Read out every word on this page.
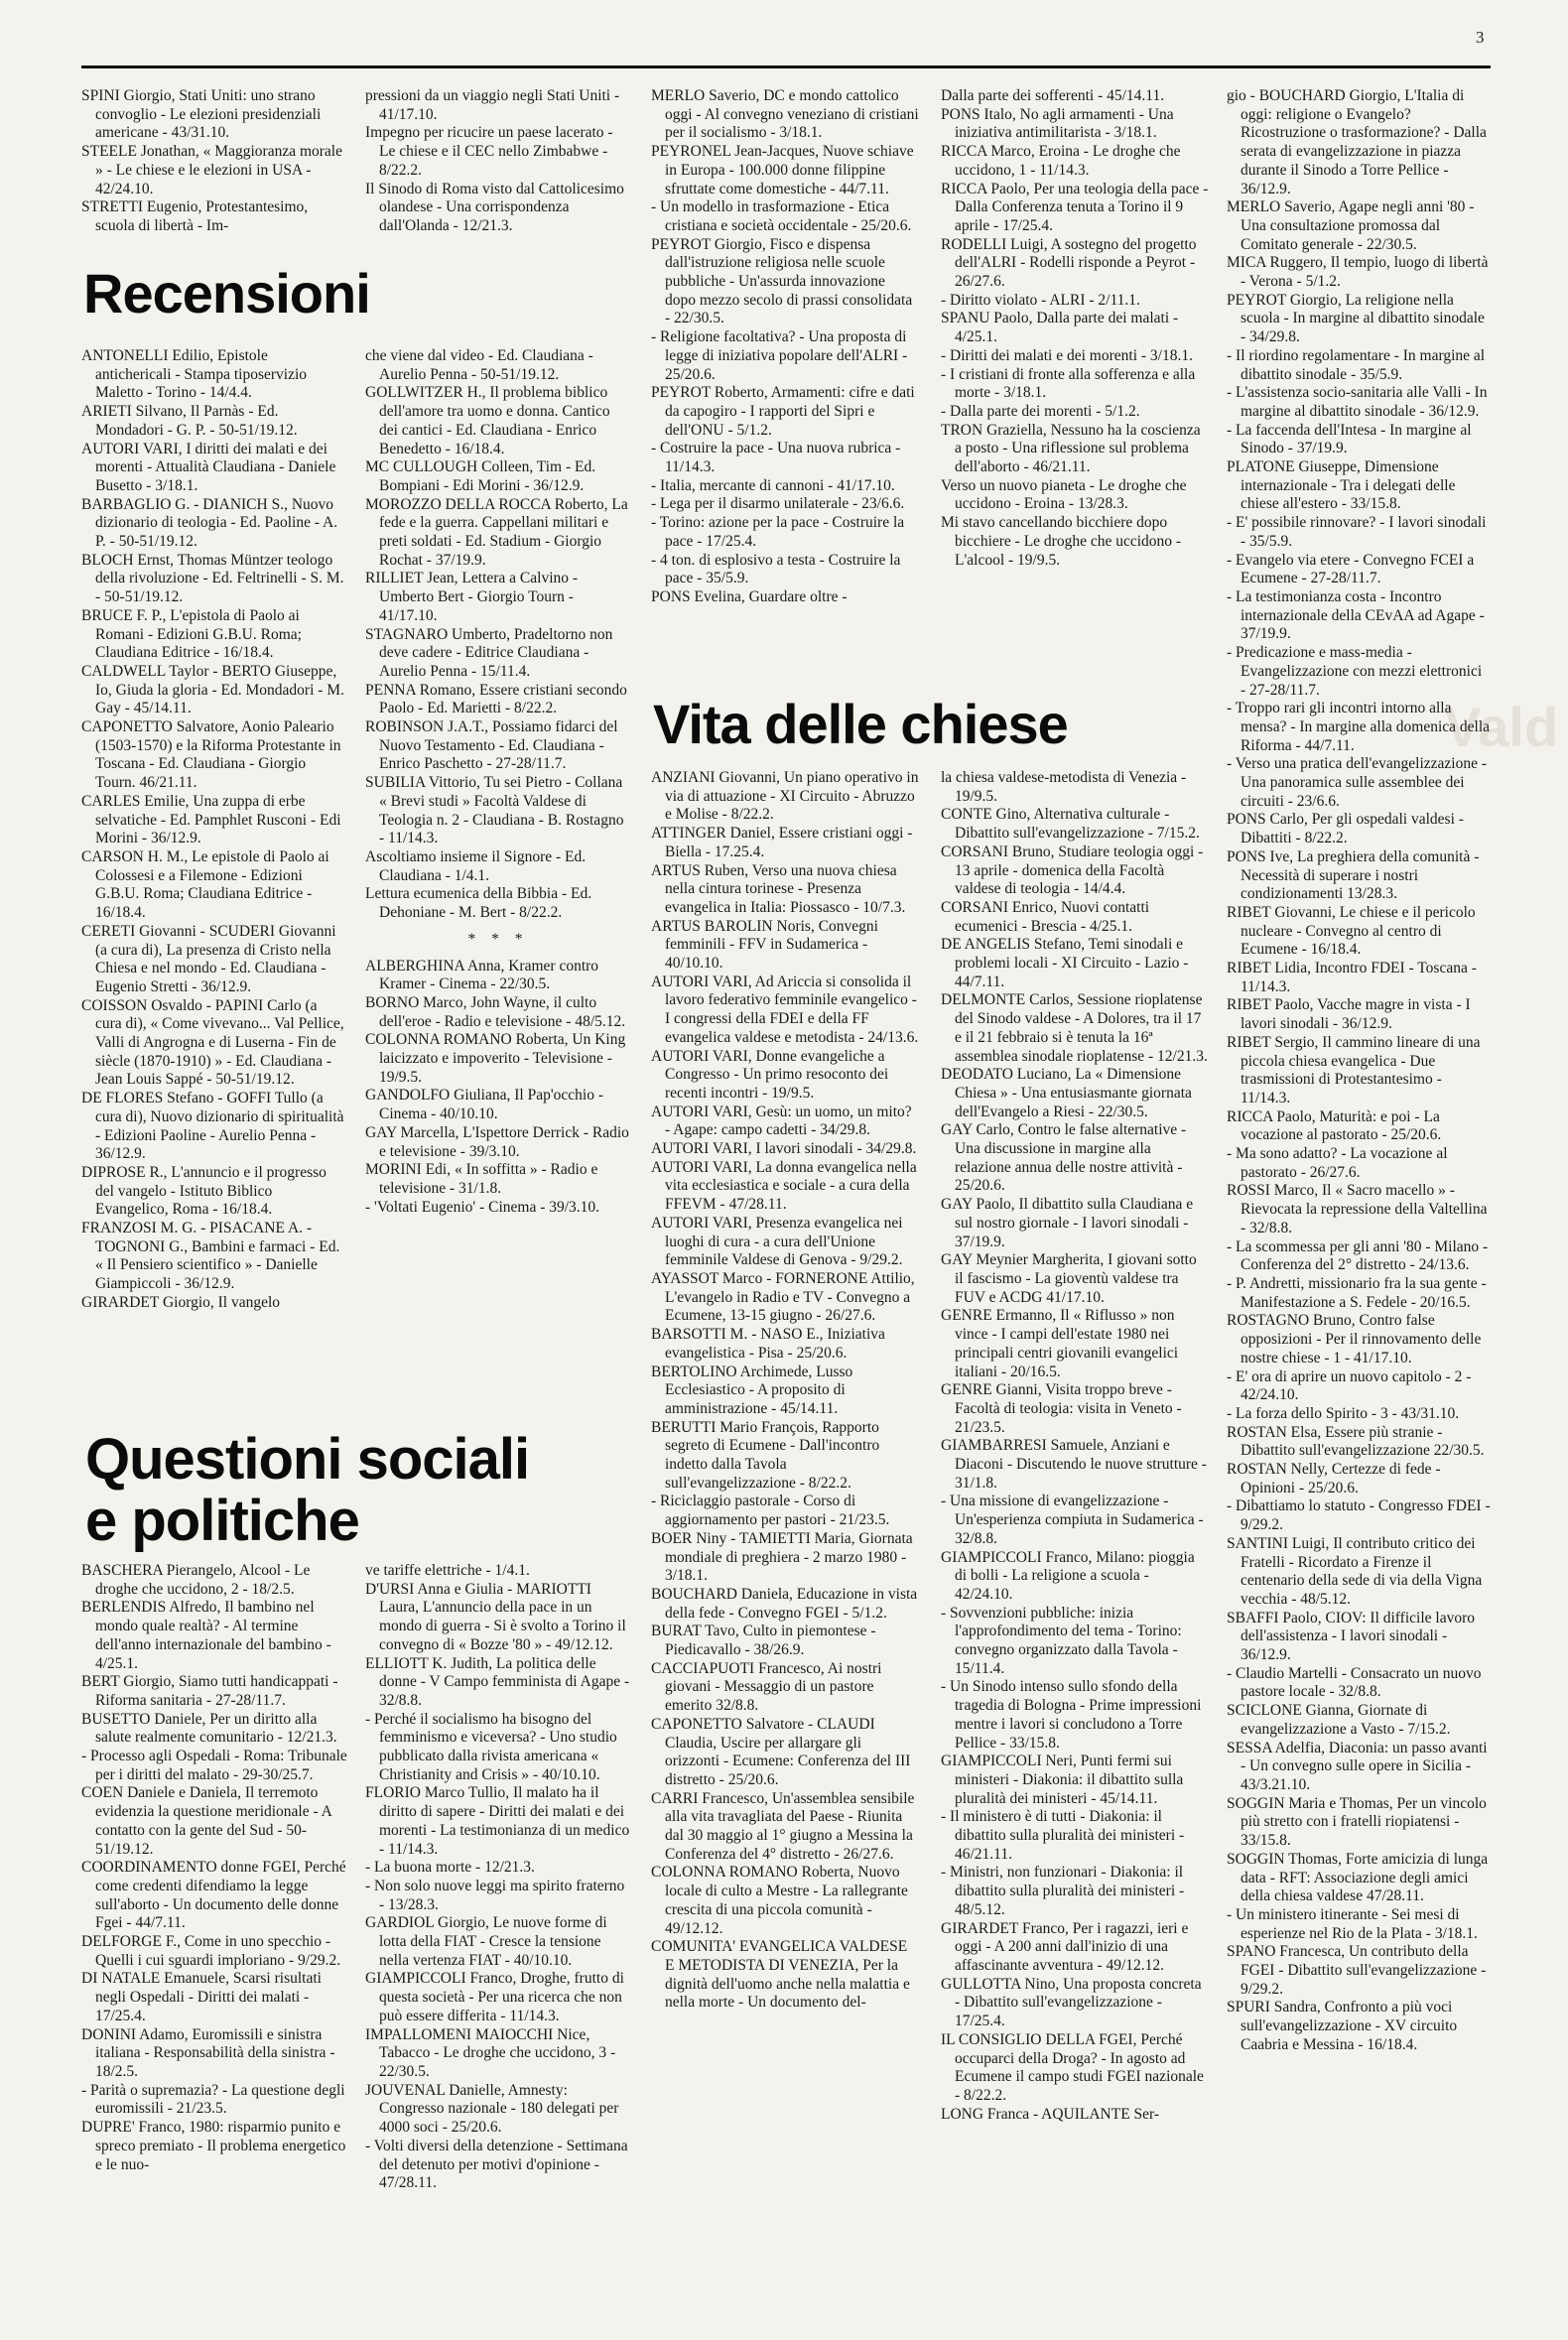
3
Vald
Recensioni
Vita delle chiese
Questioni sociali e politiche

SPINI Giorgio, Stati Uniti: uno strano convoglio - Le elezioni presidenziali americane - 43/31.10.

STEELE Jonathan, « Maggioranza morale » - Le chiese e le elezioni in USA - 42/24.10.

STRETTI Eugenio, Protestantesimo, scuola di libertà - Im-

pressioni da un viaggio negli Stati Uniti - 41/17.10.

Impegno per ricucire un paese lacerato - Le chiese e il CEC nello Zimbabwe - 8/22.2.

Il Sinodo di Roma visto dal Cattolicesimo olandese - Una corrispondenza dall'Olanda - 12/21.3.

ANTONELLI Edilio, Epistole antichericali - Stampa tiposervizio Maletto - Torino - 14/4.4.

ARIETI Silvano, Il Parnàs - Ed. Mondadori - G. P. - 50-51/19.12.

AUTORI VARI, I diritti dei malati e dei morenti - Attualità Claudiana - Daniele Busetto - 3/18.1.

BARBAGLIO G. - DIANICH S., Nuovo dizionario di teologia - Ed. Paoline - A. P. - 50-51/19.12.

BLOCH Ernst, Thomas Müntzer teologo della rivoluzione - Ed. Feltrinelli - S. M. - 50-51/19.12.

BRUCE F. P., L'epistola di Paolo ai Romani - Edizioni G.B.U. Roma; Claudiana Editrice - 16/18.4.

CALDWELL Taylor - BERTO Giuseppe, Io, Giuda la gloria - Ed. Mondadori - M. Gay - 45/14.11.

CAPONETTO Salvatore, Aonio Paleario (1503-1570) e la Riforma Protestante in Toscana - Ed. Claudiana - Giorgio Tourn. 46/21.11.

CARLES Emilie, Una zuppa di erbe selvatiche - Ed. Pamphlet Rusconi - Edi Morini - 36/12.9.

CARSON H. M., Le epistole di Paolo ai Colossesi e a Filemone - Edizioni G.B.U. Roma; Claudiana Editrice - 16/18.4.

CERETI Giovanni - SCUDERI Giovanni (a cura di), La presenza di Cristo nella Chiesa e nel mondo - Ed. Claudiana - Eugenio Stretti - 36/12.9.

COISSON Osvaldo - PAPINI Carlo (a cura di), « Come vivevano... Val Pellice, Valli di Angrogna e di Luserna - Fin de siècle (1870-1910) » - Ed. Claudiana - Jean Louis Sappé - 50-51/19.12.

DE FLORES Stefano - GOFFI Tullo (a cura di), Nuovo dizionario di spiritualità - Edizioni Paoline - Aurelio Penna - 36/12.9.

DIPROSE R., L'annuncio e il progresso del vangelo - Istituto Biblico Evangelico, Roma - 16/18.4.

FRANZOSI M. G. - PISACANE A. - TOGNONI G., Bambini e farmaci - Ed. « Il Pensiero scientifico » - Danielle Giampiccoli - 36/12.9.

GIRARDET Giorgio, Il vangelo

che viene dal video - Ed. Claudiana - Aurelio Penna - 50-51/19.12.

GOLLWITZER H., Il problema biblico dell'amore tra uomo e donna. Cantico dei cantici - Ed. Claudiana - Enrico Benedetto - 16/18.4.

MC CULLOUGH Colleen, Tim - Ed. Bompiani - Edi Morini - 36/12.9.

MOROZZO DELLA ROCCA Roberto, La fede e la guerra. Cappellani militari e preti soldati - Ed. Stadium - Giorgio Rochat - 37/19.9.

RILLIET Jean, Lettera a Calvino - Umberto Bert - Giorgio Tourn - 41/17.10.

STAGNARO Umberto, Pradeltorno non deve cadere - Editrice Claudiana - Aurelio Penna - 15/11.4.

PENNA Romano, Essere cristiani secondo Paolo - Ed. Marietti - 8/22.2.

ROBINSON J.A.T., Possiamo fidarci del Nuovo Testamento - Ed. Claudiana - Enrico Paschetto - 27-28/11.7.

SUBILIA Vittorio, Tu sei Pietro - Collana « Brevi studi » Facoltà Valdese di Teologia n. 2 - Claudiana - B. Rostagno - 11/14.3.

Ascoltiamo insieme il Signore - Ed. Claudiana - 1/4.1.

Lettura ecumenica della Bibbia - Ed. Dehoniane - M. Bert - 8/22.2.

* * *

ALBERGHINA Anna, Kramer contro Kramer - Cinema - 22/30.5.

BORNO Marco, John Wayne, il culto dell'eroe - Radio e televisione - 48/5.12.

COLONNA ROMANO Roberta, Un King laicizzato e impoverito - Televisione - 19/9.5.

GANDOLFO Giuliana, Il Pap'occhio - Cinema - 40/10.10.

GAY Marcella, L'Ispettore Derrick - Radio e televisione - 39/3.10.

MORINI Edi, « In soffitta » - Radio e televisione - 31/1.8.

- 'Voltati Eugenio' - Cinema - 39/3.10.

BASCHERA Pierangelo, Alcool - Le droghe che uccidono, 2 - 18/2.5.

BERLENDIS Alfredo, Il bambino nel mondo quale realtà? - Al termine dell'anno internazionale del bambino - 4/25.1.

BERT Giorgio, Siamo tutti handicappati - Riforma sanitaria - 27-28/11.7.

BUSETTO Daniele, Per un diritto alla salute realmente comunitario - 12/21.3.

- Processo agli Ospedali - Roma: Tribunale per i diritti del malato - 29-30/25.7.

COEN Daniele e Daniela, Il terremoto evidenzia la questione meridionale - A contatto con la gente del Sud - 50-51/19.12.

COORDINAMENTO donne FGEI, Perché come credenti difendiamo la legge sull'aborto - Un documento delle donne Fgei - 44/7.11.

DELFORGE F., Come in uno specchio - Quelli i cui sguardi imploriano - 9/29.2.

DI NATALE Emanuele, Scarsi risultati negli Ospedali - Diritti dei malati - 17/25.4.

DONINI Adamo, Euromissili e sinistra italiana - Responsabilità della sinistra - 18/2.5.

- Parità o supremazia? - La questione degli euromissili - 21/23.5.

DUPRE' Franco, 1980: risparmio punito e spreco premiato - Il problema energetico e le nuo-

ve tariffe elettriche - 1/4.1.

D'URSI Anna e Giulia - MARIOTTI Laura, L'annuncio della pace in un mondo di guerra - Si è svolto a Torino il convegno di « Bozze '80 » - 49/12.12.

ELLIOTT K. Judith, La politica delle donne - V Campo femminista di Agape - 32/8.8.

- Perché il socialismo ha bisogno del femminismo e viceversa? - Uno studio pubblicato dalla rivista americana « Christianity and Crisis » - 40/10.10.

FLORIO Marco Tullio, Il malato ha il diritto di sapere - Diritti dei malati e dei morenti - La testimonianza di un medico - 11/14.3.

- La buona morte - 12/21.3.

- Non solo nuove leggi ma spirito fraterno - 13/28.3.

GARDIOL Giorgio, Le nuove forme di lotta della FIAT - Cresce la tensione nella vertenza FIAT - 40/10.10.

GIAMPICCOLI Franco, Droghe, frutto di questa società - Per una ricerca che non può essere differita - 11/14.3.

IMPALLOMENI MAIOCCHI Nice, Tabacco - Le droghe che uccidono, 3 - 22/30.5.

JOUVENAL Danielle, Amnesty: Congresso nazionale - 180 delegati per 4000 soci - 25/20.6.

- Volti diversi della detenzione - Settimana del detenuto per motivi d'opinione - 47/28.11.

MERLO Saverio, DC e mondo cattolico oggi - Al convegno veneziano di cristiani per il socialismo - 3/18.1.

PEYRONEL Jean-Jacques, Nuove schiave in Europa - 100.000 donne filippine sfruttate come domestiche - 44/7.11.

- Un modello in trasformazione - Etica cristiana e società occidentale - 25/20.6.

PEYROT Giorgio, Fisco e dispensa dall'istruzione religiosa nelle scuole pubbliche - Un'assurda innovazione dopo mezzo secolo di prassi consolidata - 22/30.5.

- Religione facoltativa? - Una proposta di legge di iniziativa popolare dell'ALRI - 25/20.6.

PEYROT Roberto, Armamenti: cifre e dati da capogiro - I rapporti del Sipri e dell'ONU - 5/1.2.

- Costruire la pace - Una nuova rubrica - 11/14.3.

- Italia, mercante di cannoni - 41/17.10.

- Lega per il disarmo unilaterale - 23/6.6.

- Torino: azione per la pace - Costruire la pace - 17/25.4.

- 4 ton. di esplosivo a testa - Costruire la pace - 35/5.9.

PONS Evelina, Guardare oltre -

Dalla parte dei sofferenti - 45/14.11.

PONS Italo, No agli armamenti - Una iniziativa antimilitarista - 3/18.1.

RICCA Marco, Eroina - Le droghe che uccidono, 1 - 11/14.3.

RICCA Paolo, Per una teologia della pace - Dalla Conferenza tenuta a Torino il 9 aprile - 17/25.4.

RODELLI Luigi, A sostegno del progetto dell'ALRI - Rodelli risponde a Peyrot - 26/27.6.

- Diritto violato - ALRI - 2/11.1.

SPANU Paolo, Dalla parte dei malati - 4/25.1.

- Diritti dei malati e dei morenti - 3/18.1.

- I cristiani di fronte alla sofferenza e alla morte - 3/18.1.

- Dalla parte dei morenti - 5/1.2.

TRON Graziella, Nessuno ha la coscienza a posto - Una riflessione sul problema dell'aborto - 46/21.11.

Verso un nuovo pianeta - Le droghe che uccidono - Eroina - 13/28.3.

Mi stavo cancellando bicchiere dopo bicchiere - Le droghe che uccidono - L'alcool - 19/9.5.

ANZIANI Giovanni, Un piano operativo in via di attuazione - XI Circuito - Abruzzo e Molise - 8/22.2.

ATTINGER Daniel, Essere cristiani oggi - Biella - 17.25.4.

ARTUS Ruben, Verso una nuova chiesa nella cintura torinese - Presenza evangelica in Italia: Piossasco - 10/7.3.

ARTUS BAROLIN Noris, Convegni femminili - FFV in Sudamerica - 40/10.10.

AUTORI VARI, Ad Ariccia si consolida il lavoro federativo femminile evangelico - I congressi della FDEI e della FF evangelica valdese e metodista - 24/13.6.

AUTORI VARI, Donne evangeliche a Congresso - Un primo resoconto dei recenti incontri - 19/9.5.

AUTORI VARI, Gesù: un uomo, un mito? - Agape: campo cadetti - 34/29.8.

AUTORI VARI, I lavori sinodali - 34/29.8.

AUTORI VARI, La donna evangelica nella vita ecclesiastica e sociale - a cura della FFEVM - 47/28.11.

AUTORI VARI, Presenza evangelica nei luoghi di cura - a cura dell'Unione femminile Valdese di Genova - 9/29.2.

AYASSOT Marco - FORNERONE Attilio, L'evangelo in Radio e TV - Convegno a Ecumene, 13-15 giugno - 26/27.6.

BARSOTTI M. - NASO E., Iniziativa evangelistica - Pisa - 25/20.6.

BERTOLINO Archimede, Lusso Ecclesiastico - A proposito di amministrazione - 45/14.11.

BERUTTI Mario François, Rapporto segreto di Ecumene - Dall'incontro indetto dalla Tavola sull'evangelizzazione - 8/22.2.

- Riciclaggio pastorale - Corso di aggiornamento per pastori - 21/23.5.

BOER Niny - TAMIETTI Maria, Giornata mondiale di preghiera - 2 marzo 1980 - 3/18.1.

BOUCHARD Daniela, Educazione in vista della fede - Convegno FGEI - 5/1.2.

BURAT Tavo, Culto in piemontese - Piedicavallo - 38/26.9.

CACCIAPUOTI Francesco, Ai nostri giovani - Messaggio di un pastore emerito 32/8.8.

CAPONETTO Salvatore - CLAUDI Claudia, Uscire per allargare gli orizzonti - Ecumene: Conferenza del III distretto - 25/20.6.

CARRI Francesco, Un'assemblea sensibile alla vita travagliata del Paese - Riunita dal 30 maggio al 1° giugno a Messina la Conferenza del 4° distretto - 26/27.6.

COLONNA ROMANO Roberta, Nuovo locale di culto a Mestre - La rallegrante crescita di una piccola comunità - 49/12.12.

COMUNITA' EVANGELICA VALDESE E METODISTA DI VENEZIA, Per la dignità dell'uomo anche nella malattia e nella morte - Un documento del-

la chiesa valdese-metodista di Venezia - 19/9.5.

CONTE Gino, Alternativa culturale - Dibattito sull'evangelizzazione - 7/15.2.

CORSANI Bruno, Studiare teologia oggi - 13 aprile - domenica della Facoltà valdese di teologia - 14/4.4.

CORSANI Enrico, Nuovi contatti ecumenici - Brescia - 4/25.1.

DE ANGELIS Stefano, Temi sinodali e problemi locali - XI Circuito - Lazio - 44/7.11.

DELMONTE Carlos, Sessione rioplatense del Sinodo valdese - A Dolores, tra il 17 e il 21 febbraio si è tenuta la 16ª assemblea sinodale rioplatense - 12/21.3.

DEODATO Luciano, La « Dimensione Chiesa » - Una entusiasmante giornata dell'Evangelo a Riesi - 22/30.5.

GAY Carlo, Contro le false alternative - Una discussione in margine alla relazione annua delle nostre attività - 25/20.6.

GAY Paolo, Il dibattito sulla Claudiana e sul nostro giornale - I lavori sinodali - 37/19.9.

GAY Meynier Margherita, I giovani sotto il fascismo - La gioventù valdese tra FUV e ACDG 41/17.10.

GENRE Ermanno, Il « Riflusso » non vince - I campi dell'estate 1980 nei principali centri giovanili evangelici italiani - 20/16.5.

GENRE Gianni, Visita troppo breve - Facoltà di teologia: visita in Veneto - 21/23.5.

GIAMBARRESI Samuele, Anziani e Diaconi - Discutendo le nuove strutture - 31/1.8.

- Una missione di evangelizzazione - Un'esperienza compiuta in Sudamerica - 32/8.8.

GIAMPICCOLI Franco, Milano: pioggia di bolli - La religione a scuola - 42/24.10.

- Sovvenzioni pubbliche: inizia l'approfondimento del tema - Torino: convegno organizzato dalla Tavola - 15/11.4.

- Un Sinodo intenso sullo sfondo della tragedia di Bologna - Prime impressioni mentre i lavori si concludono a Torre Pellice - 33/15.8.

GIAMPICCOLI Neri, Punti fermi sui ministeri - Diakonia: il dibattito sulla pluralità dei ministeri - 45/14.11.

- Il ministero è di tutti - Diakonia: il dibattito sulla pluralità dei ministeri - 46/21.11.

- Ministri, non funzionari - Diakonia: il dibattito sulla pluralità dei ministeri - 48/5.12.

GIRARDET Franco, Per i ragazzi, ieri e oggi - A 200 anni dall'inizio di una affascinante avventura - 49/12.12.

GULLOTTA Nino, Una proposta concreta - Dibattito sull'evangelizzazione - 17/25.4.

IL CONSIGLIO DELLA FGEI, Perché occuparci della Droga? - In agosto ad Ecumene il campo studi FGEI nazionale - 8/22.2.

LONG Franca - AQUILANTE Ser-

gio - BOUCHARD Giorgio, L'Italia di oggi: religione o Evangelo? Ricostruzione o trasformazione? - Dalla serata di evangelizzazione in piazza durante il Sinodo a Torre Pellice - 36/12.9.

MERLO Saverio, Agape negli anni '80 - Una consultazione promossa dal Comitato generale - 22/30.5.

MICA Ruggero, Il tempio, luogo di libertà - Verona - 5/1.2.

PEYROT Giorgio, La religione nella scuola - In margine al dibattito sinodale - 34/29.8.

- Il riordino regolamentare - In margine al dibattito sinodale - 35/5.9.

- L'assistenza socio-sanitaria alle Valli - In margine al dibattito sinodale - 36/12.9.

- La faccenda dell'Intesa - In margine al Sinodo - 37/19.9.

PLATONE Giuseppe, Dimensione internazionale - Tra i delegati delle chiese all'estero - 33/15.8.

- E' possibile rinnovare? - I lavori sinodali - 35/5.9.

- Evangelo via etere - Convegno FCEI a Ecumene - 27-28/11.7.

- La testimonianza costa - Incontro internazionale della CEvAA ad Agape - 37/19.9.

- Predicazione e mass-media - Evangelizzazione con mezzi elettronici - 27-28/11.7.

- Troppo rari gli incontri intorno alla mensa? - In margine alla domenica della Riforma - 44/7.11.

- Verso una pratica dell'evangelizzazione - Una panoramica sulle assemblee dei circuiti - 23/6.6.

PONS Carlo, Per gli ospedali valdesi - Dibattiti - 8/22.2.

PONS Ive, La preghiera della comunità - Necessità di superare i nostri condizionamenti 13/28.3.

RIBET Giovanni, Le chiese e il pericolo nucleare - Convegno al centro di Ecumene - 16/18.4.

RIBET Lidia, Incontro FDEI - Toscana - 11/14.3.

RIBET Paolo, Vacche magre in vista - I lavori sinodali - 36/12.9.

RIBET Sergio, Il cammino lineare di una piccola chiesa evangelica - Due trasmissioni di Protestantesimo - 11/14.3.

RICCA Paolo, Maturità: e poi - La vocazione al pastorato - 25/20.6.

- Ma sono adatto? - La vocazione al pastorato - 26/27.6.

ROSSI Marco, Il « Sacro macello » - Rievocata la repressione della Valtellina - 32/8.8.

- La scommessa per gli anni '80 - Milano - Conferenza del 2° distretto - 24/13.6.

- P. Andretti, missionario fra la sua gente - Manifestazione a S. Fedele - 20/16.5.

ROSTAGNO Bruno, Contro false opposizioni - Per il rinnovamento delle nostre chiese - 1 - 41/17.10.

- E' ora di aprire un nuovo capitolo - 2 - 42/24.10.

- La forza dello Spirito - 3 - 43/31.10.

ROSTAN Elsa, Essere più stranie - Dibattito sull'evangelizzazione 22/30.5.

ROSTAN Nelly, Certezze di fede - Opinioni - 25/20.6.

- Dibattiamo lo statuto - Congresso FDEI - 9/29.2.

SANTINI Luigi, Il contributo critico dei Fratelli - Ricordato a Firenze il centenario della sede di via della Vigna vecchia - 48/5.12.

SBAFFI Paolo, CIOV: Il difficile lavoro dell'assistenza - I lavori sinodali - 36/12.9.

- Claudio Martelli - Consacrato un nuovo pastore locale - 32/8.8.

SCICLONE Gianna, Giornate di evangelizzazione a Vasto - 7/15.2.

SESSA Adelfia, Diaconia: un passo avanti - Un convegno sulle opere in Sicilia - 43/3.21.10.

SOGGIN Maria e Thomas, Per un vincolo più stretto con i fratelli riopiatensi - 33/15.8.

SOGGIN Thomas, Forte amicizia di lunga data - RFT: Associazione degli amici della chiesa valdese 47/28.11.

- Un ministero itinerante - Sei mesi di esperienze nel Rio de la Plata - 3/18.1.

SPANO Francesca, Un contributo della FGEI - Dibattito sull'evangelizzazione - 9/29.2.

SPURI Sandra, Confronto a più voci sull'evangelizzazione - XV circuito Caabria e Messina - 16/18.4.
